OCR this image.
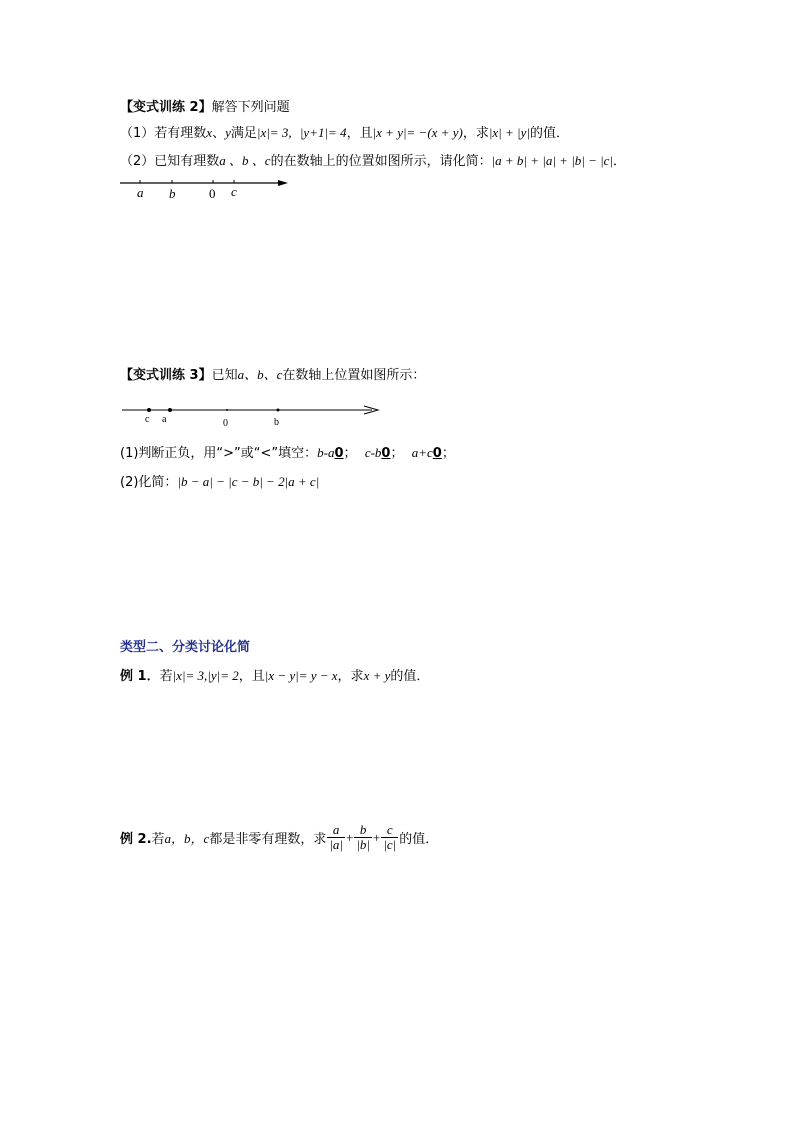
【变式训练 2】解答下列问题
（1）若有理数x、y满足|x|= 3, |y+1|= 4，且|x + y|= −(x + y)，求|x| + |y|的值．
（2）已知有理数a 、b 、c的在数轴上的位置如图所示，请化简：|a + b| + |a| + |b| − |c|．
a b	0 c
【变式训练 3】已知a、b、c在数轴上位置如图所示：
c a	0	b
(1)判断正负，用“>”或“<”填空：b-a0； c-b0； a+c0；
(2)化简：|b − a| − |c − b| − 2|a + c|
类型二、分类讨论化简
例 1．若|x|= 3,|y|= 2，且|x − y|= y − x，求x + y的值．
例 2. 若 a，b，c 都是非零有理数，求 $\frac{a}{|a|} + \frac{b}{|b|} + \frac{c}{|c|}$ 的值．
